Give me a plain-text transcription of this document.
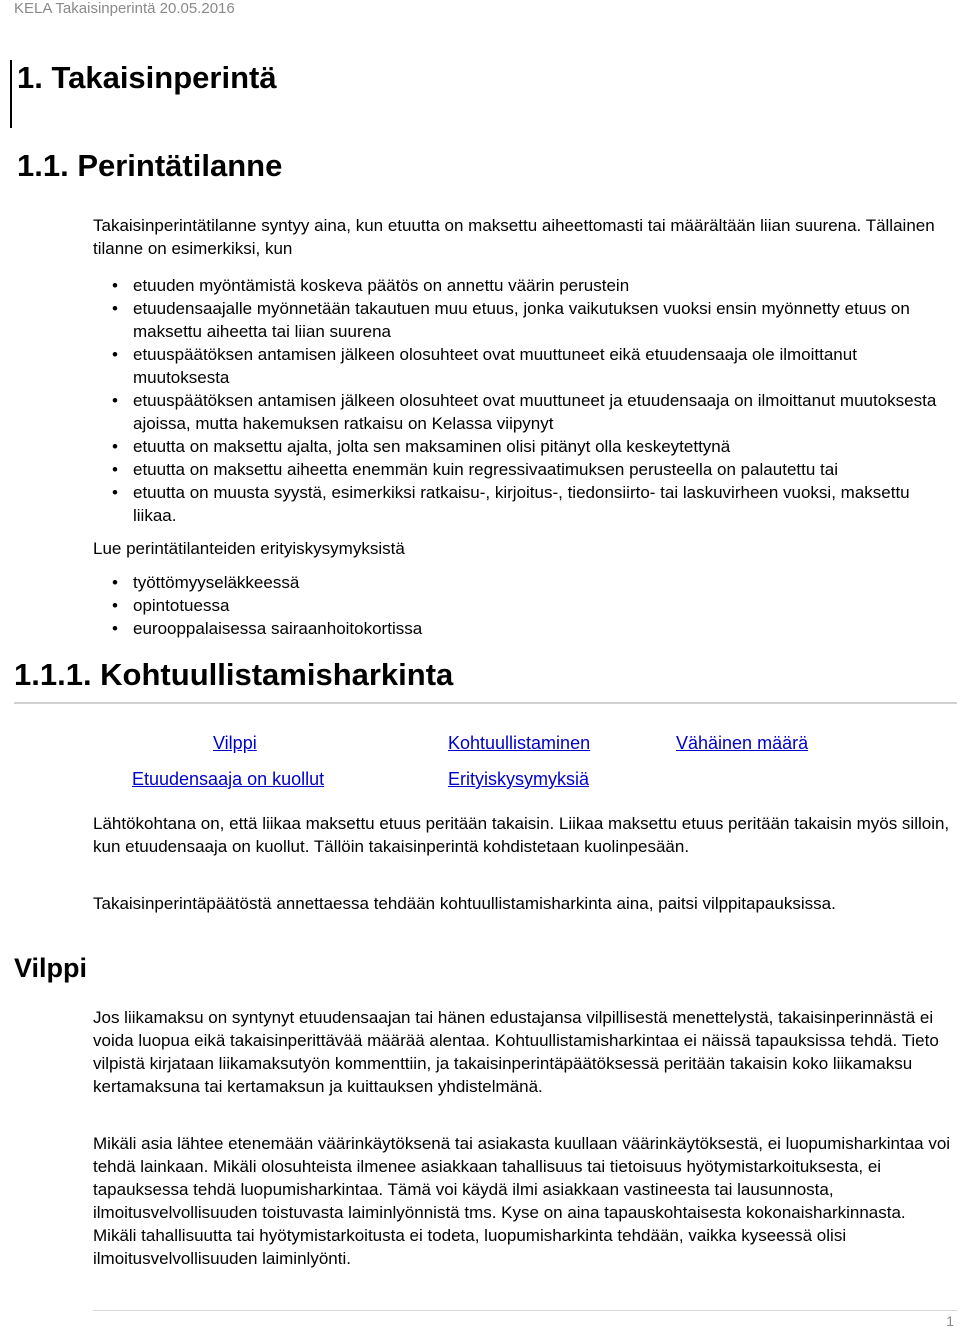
KELA Takaisinperintä 20.05.2016
1. Takaisinperintä
1.1. Perintätilanne

Takaisinperintätilanne syntyy aina, kun etuutta on maksettu aiheettomasti tai määrältään liian suurena. Tällainen tilanne on esimerkiksi, kun

• etuuden myöntämistä koskeva päätös on annettu väärin perustein
• etuudensaajalle myönnetään takautuen muu etuus, jonka vaikutuksen vuoksi ensin myönnetty etuus on maksettu aiheetta tai liian suurena
• etuuspäätöksen antamisen jälkeen olosuhteet ovat muuttuneet eikä etuudensaaja ole ilmoittanut muutoksesta
• etuuspäätöksen antamisen jälkeen olosuhteet ovat muuttuneet ja etuudensaaja on ilmoittanut muutoksesta ajoissa, mutta hakemuksen ratkaisu on Kelassa viipynyt
• etuutta on maksettu ajalta, jolta sen maksaminen olisi pitänyt olla keskeytettynä
• etuutta on maksettu aiheetta enemmän kuin regressivaatimuksen perusteella on palautettu tai
• etuutta on muusta syystä, esimerkiksi ratkaisu-, kirjoitus-, tiedonsiirto- tai laskuvirheen vuoksi, maksettu liikaa.

Lue perintätilanteiden erityiskysymyksistä

• työttömyyseläkkeessä
• opintotuessa
• eurooppalaisessa sairaanhoitokortissa
1.1.1. Kohtuullistamisharkinta
Vilppi	Kohtuullistaminen	Vähäinen määrä
Etuudensaaja on kuollut	Erityiskysymyksiä

Lähtökohtana on, että liikaa maksettu etuus peritään takaisin. Liikaa maksettu etuus peritään takaisin myös silloin, kun etuudensaaja on kuollut. Tällöin takaisinperintä kohdistetaan kuolinpesään.

Takaisinperintäpäätöstä annettaessa tehdään kohtuullistamisharkinta aina, paitsi vilppitapauksissa.

Vilppi

Jos liikamaksu on syntynyt etuudensaajan tai hänen edustajansa vilpillisestä menettelystä, takaisinperinnästä ei voida luopua eikä takaisinperittävää määrää alentaa. Kohtuullistamisharkintaa ei näissä tapauksissa tehdä. Tieto vilpistä kirjataan liikamaksutyön kommenttiin, ja takaisinperintäpäätöksessä peritään takaisin koko liikamaksu kertamaksuna tai kertamaksun ja kuittauksen yhdistelmänä.

Mikäli asia lähtee etenemään väärinkäytöksenä tai asiakasta kuullaan väärinkäytöksestä, ei luopumisharkintaa voi tehdä lainkaan. Mikäli olosuhteista ilmenee asiakkaan tahallisuus tai tietoisuus hyötymistarkoituksesta, ei tapauksessa tehdä luopumisharkintaa. Tämä voi käydä ilmi asiakkaan vastineesta tai lausunnosta, ilmoitusvelvollisuuden toistuvasta laiminlyönnistä tms. Kyse on aina tapauskohtaisesta kokonaisharkinnasta. Mikäli tahallisuutta tai hyötymistarkoitusta ei todeta, luopumisharkinta tehdään, vaikka kyseessä olisi ilmoitusvelvollisuuden laiminlyönti.

1
